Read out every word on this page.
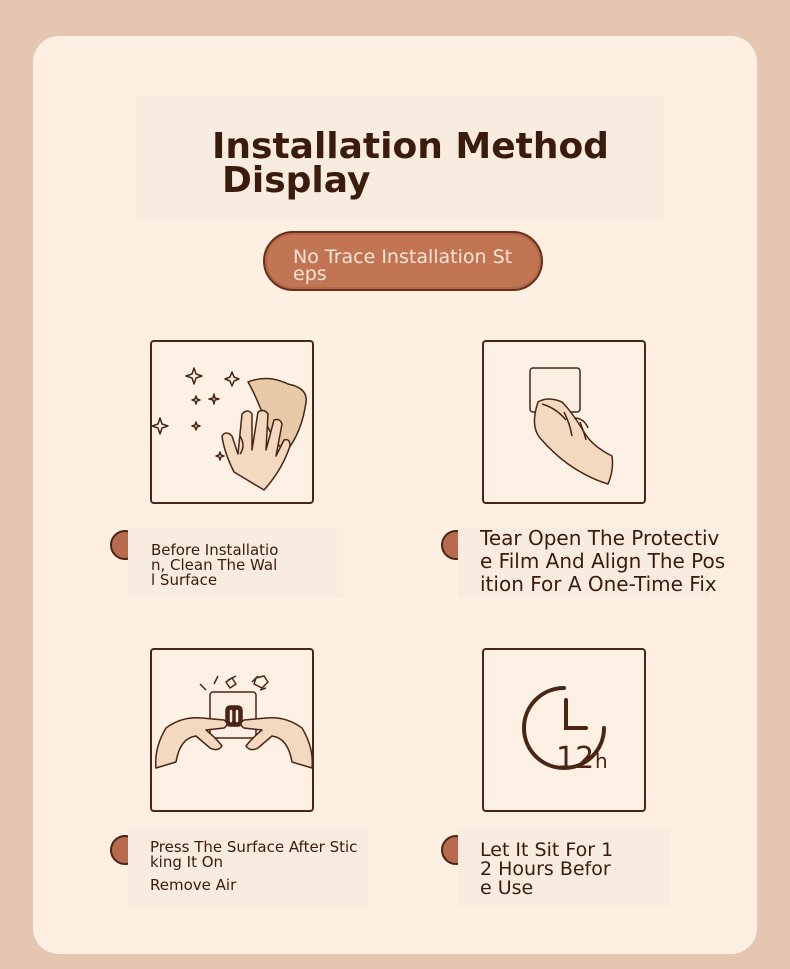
Installation Method
Display
No Trace Installation Steps
Before Installation, Clean The Wall Surface
Tear Open The Protective Film And Align The Position For A One-Time Fix
Press The Surface After Sticking It On
Remove Air
12 h
Let It Sit For 12 Hours Before Use
